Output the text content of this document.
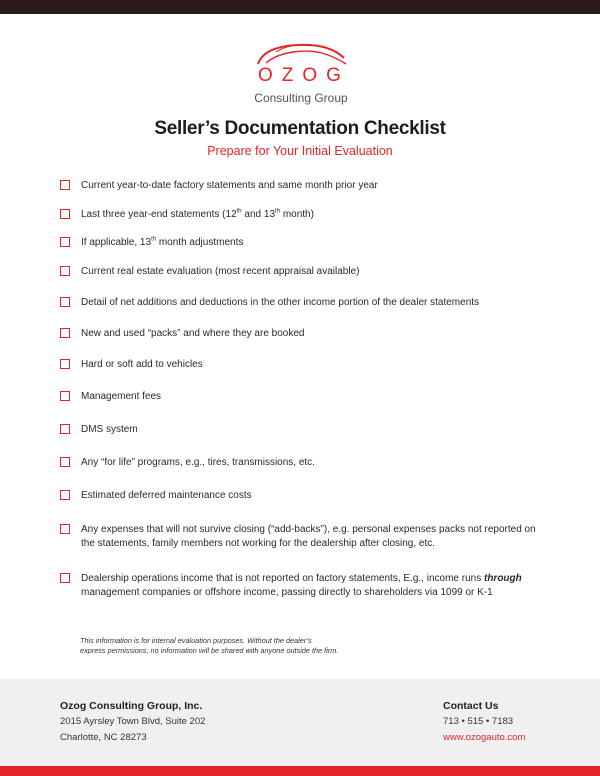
OZOG
Consulting Group
Seller’s Documentation Checklist
Prepare for Your Initial Evaluation
Current year-to-date factory statements and same month prior year
Last three year-end statements (12th and 13th month)
If applicable, 13th month adjustments
Current real estate evaluation (most recent appraisal available)
Detail of net additions and deductions in the other income portion of the dealer statements
New and used “packs” and where they are booked
Hard or soft add to vehicles
Management fees
DMS system
Any “for life” programs, e.g., tires, transmissions, etc.
Estimated deferred maintenance costs
Any expenses that will not survive closing (“add-backs”), e.g. personal expenses packs not reported on the statements, family members not working for the dealership after closing, etc.
Dealership operations income that is not reported on factory statements, E.g., income runs through management companies or offshore income, passing directly to shareholders via 1099 or K-1
This information is for internal evaluation purposes. Without the dealer’s
express permissions, no information will be shared with anyone outside the firm.
Ozog Consulting Group, Inc.
2015 Ayrsley Town Blvd, Suite 202
Charlotte, NC 28273
Contact Us
713 • 515 • 7183
www.ozogauto.com
